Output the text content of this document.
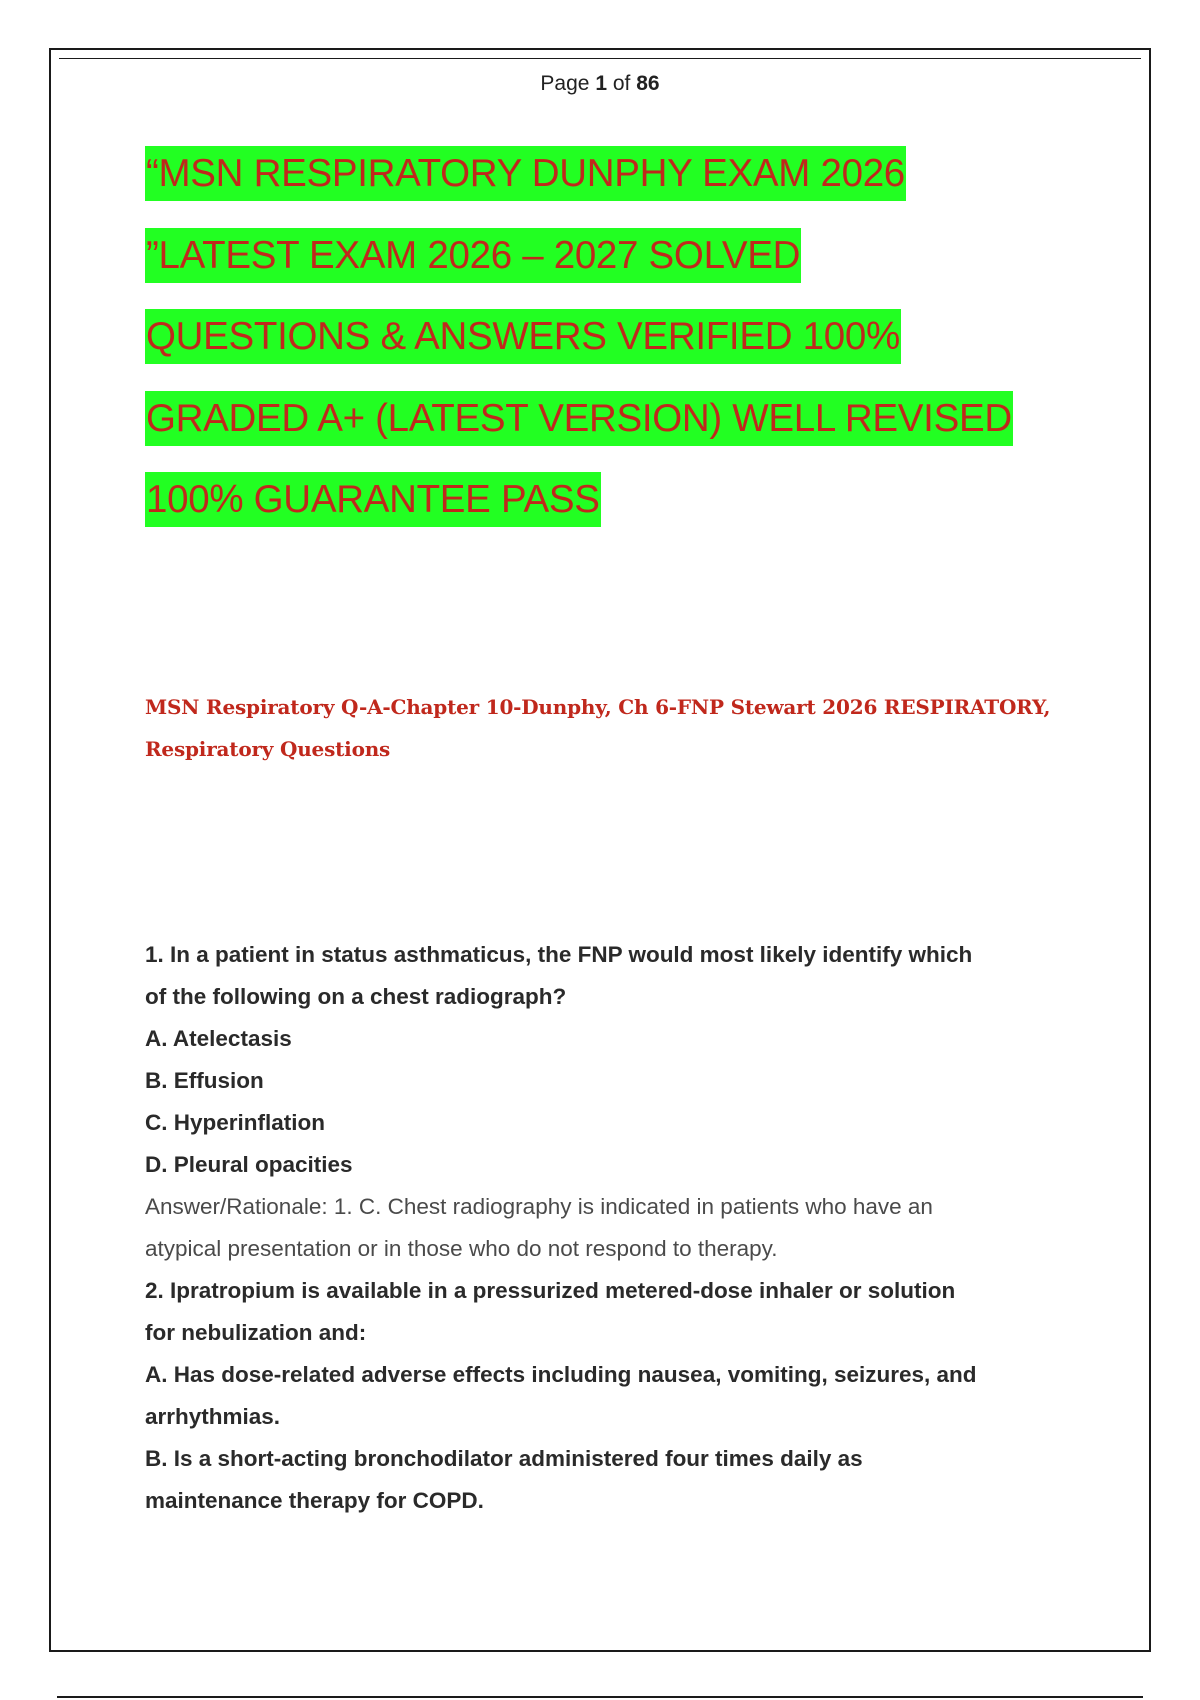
Page 1 of 86
“MSN RESPIRATORY DUNPHY EXAM 2026
”LATEST EXAM 2026 – 2027 SOLVED
QUESTIONS & ANSWERS VERIFIED 100%
GRADED A+ (LATEST VERSION) WELL REVISED
100% GUARANTEE PASS
MSN Respiratory Q-A-Chapter 10-Dunphy, Ch 6-FNP Stewart 2026 RESPIRATORY,
Respiratory Questions
1. In a patient in status asthmaticus, the FNP would most likely identify which
of the following on a chest radiograph?
A. Atelectasis
B. Effusion
C. Hyperinflation
D. Pleural opacities
Answer/Rationale: 1. C. Chest radiography is indicated in patients who have an
atypical presentation or in those who do not respond to therapy.
2. Ipratropium is available in a pressurized metered-dose inhaler or solution
for nebulization and:
A. Has dose-related adverse effects including nausea, vomiting, seizures, and
arrhythmias.
B. Is a short-acting bronchodilator administered four times daily as
maintenance therapy for COPD.
